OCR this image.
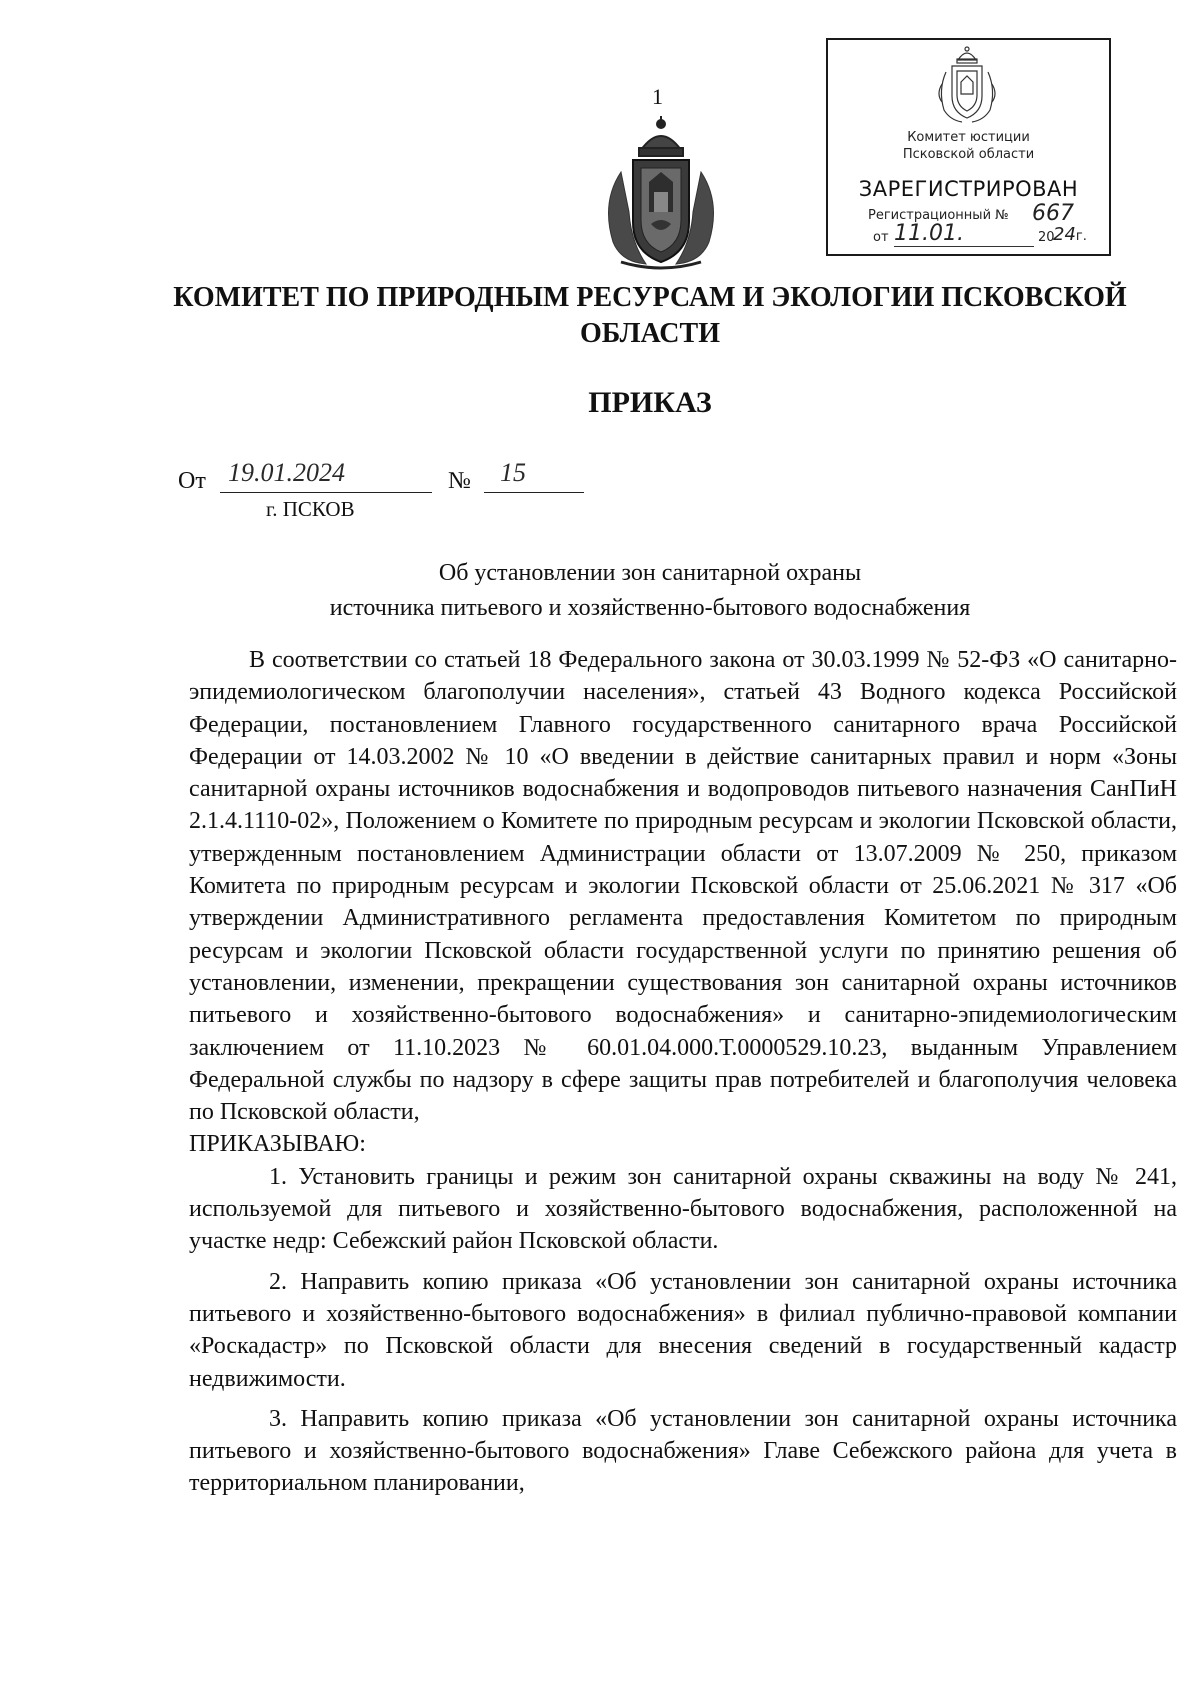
1
Комитет юстиции
Псковской области
ЗАРЕГИСТРИРОВАН
Регистрационный № 667
от 11.01.	20
24г.
КОМИТЕТ ПО ПРИРОДНЫМ РЕСУРСАМ И ЭКОЛОГИИ ПСКОВСКОЙ
ОБЛАСТИ
ПРИКАЗ
От 19.01.2024	№ 15
г. ПСКОВ
Об установлении зон санитарной охраны
источника питьевого и хозяйственно-бытового водоснабжения

В соответствии со статьей 18 Федерального закона от 30.03.1999 № 52-ФЗ «О санитарно-эпидемиологическом благополучии населения», статьей 43 Водного кодекса Российской Федерации, постановлением Главного государственного санитарного врача Российской Федерации от 14.03.2002 № 10 «О введении в действие санитарных правил и норм «Зоны санитарной охраны источников водоснабжения и водопроводов питьевого назначения СанПиН 2.1.4.1110-02», Положением о Комитете по природным ресурсам и экологии Псковской области, утвержденным постановлением Администрации области от 13.07.2009 № 250, приказом Комитета по природным ресурсам и экологии Псковской области от 25.06.2021 № 317 «Об утверждении Административного регламента предоставления Комитетом по природным ресурсам и экологии Псковской области государственной услуги по принятию решения об установлении, изменении, прекращении существования зон санитарной охраны источников питьевого и хозяйственно-бытового водоснабжения» и санитарно-эпидемиологическим заключением от 11.10.2023 № 60.01.04.000.Т.0000529.10.23, выданным Управлением Федеральной службы по надзору в сфере защиты прав потребителей и благополучия человека по Псковской области,

ПРИКАЗЫВАЮ:

1. Установить границы и режим зон санитарной охраны скважины на воду № 241, используемой для питьевого и хозяйственно-бытового водоснабжения, расположенной на участке недр: Себежский район Псковской области.

2. Направить копию приказа «Об установлении зон санитарной охраны источника питьевого и хозяйственно-бытового водоснабжения» в филиал публично-правовой компании «Роскадастр» по Псковской области для внесения сведений в государственный кадастр недвижимости.

3. Направить копию приказа «Об установлении зон санитарной охраны источника питьевого и хозяйственно-бытового водоснабжения» Главе Себежского района для учета в территориальном планировании,
